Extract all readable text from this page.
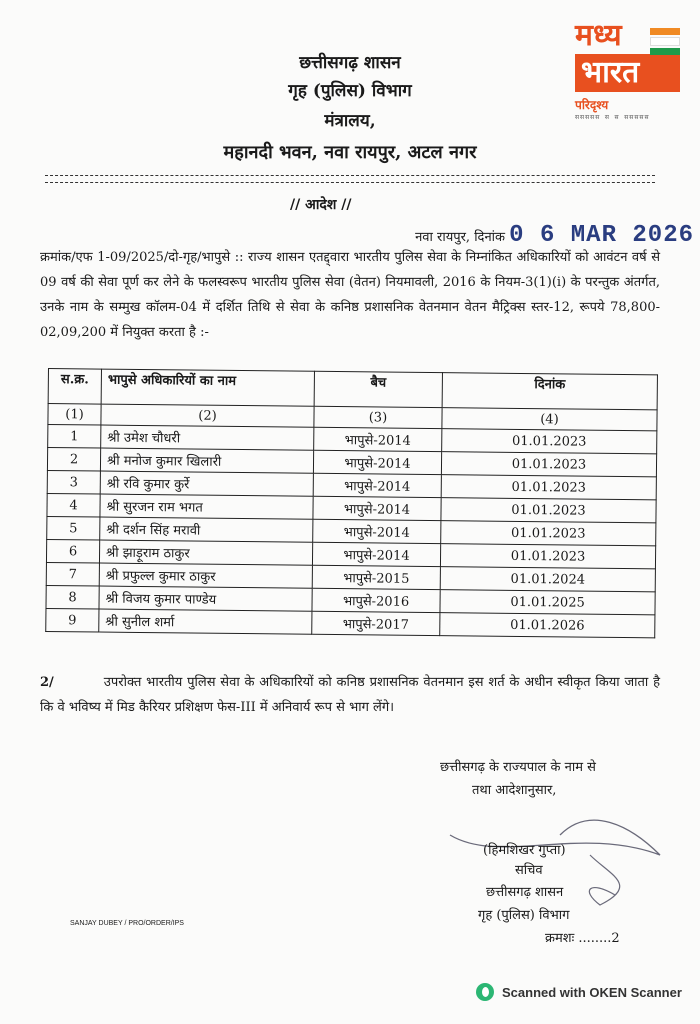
मध्य
भारत
परिदृश्य
ससससस स स ससससस
छत्तीसगढ़ शासन
गृह (पुलिस) विभाग
मंत्रालय,
महानदी भवन, नवा रायपुर, अटल नगर
// आदेश //
नवा रायपुर, दिनांक 0 6 MAR 2026
क्रमांक/एफ 1-09/2025/दो-गृह/भापुसे :: राज्य शासन एतद्द्वारा भारतीय पुलिस सेवा के निम्नांकित अधिकारियों को आवंटन वर्ष से 09 वर्ष की सेवा पूर्ण कर लेने के फलस्वरूप भारतीय पुलिस सेवा (वेतन) नियमावली, 2016 के नियम-3(1)(i) के परन्तुक अंतर्गत, उनके नाम के सम्मुख कॉलम-04 में दर्शित तिथि से सेवा के कनिष्ठ प्रशासनिक वेतनमान वेतन मैट्रिक्स स्तर-12, रूपये 78,800-02,09,200 में नियुक्त करता है :-
स.क्र.	भापुसे अधिकारियों का नाम	बैच	दिनांक
(1)	(2)	(3)	(4)
1	श्री उमेश चौधरी	भापुसे-2014	01.01.2023
2	श्री मनोज कुमार खिलारी	भापुसे-2014	01.01.2023
3	श्री रवि कुमार कुर्रे	भापुसे-2014	01.01.2023
4	श्री सुरजन राम भगत	भापुसे-2014	01.01.2023
5	श्री दर्शन सिंह मरावी	भापुसे-2014	01.01.2023
6	श्री झाड़ूराम ठाकुर	भापुसे-2014	01.01.2023
7	श्री प्रफुल्ल कुमार ठाकुर	भापुसे-2015	01.01.2024
8	श्री विजय कुमार पाण्डेय	भापुसे-2016	01.01.2025
9	श्री सुनील शर्मा	भापुसे-2017	01.01.2026
2/	उपरोक्त भारतीय पुलिस सेवा के अधिकारियों को कनिष्ठ प्रशासनिक वेतनमान इस शर्त के अधीन स्वीकृत किया जाता है कि वे भविष्य में मिड कैरियर प्रशिक्षण फेस-III में अनिवार्य रूप से भाग लेंगे।
छत्तीसगढ़ के राज्यपाल के नाम से
तथा आदेशानुसार,
(हिमशिखर गुप्ता)
सचिव
छत्तीसगढ़ शासन
गृह (पुलिस) विभाग
क्रमशः ........2
SANJAY DUBEY / PRO/ORDER/IPS
Scanned with OKEN Scanner
